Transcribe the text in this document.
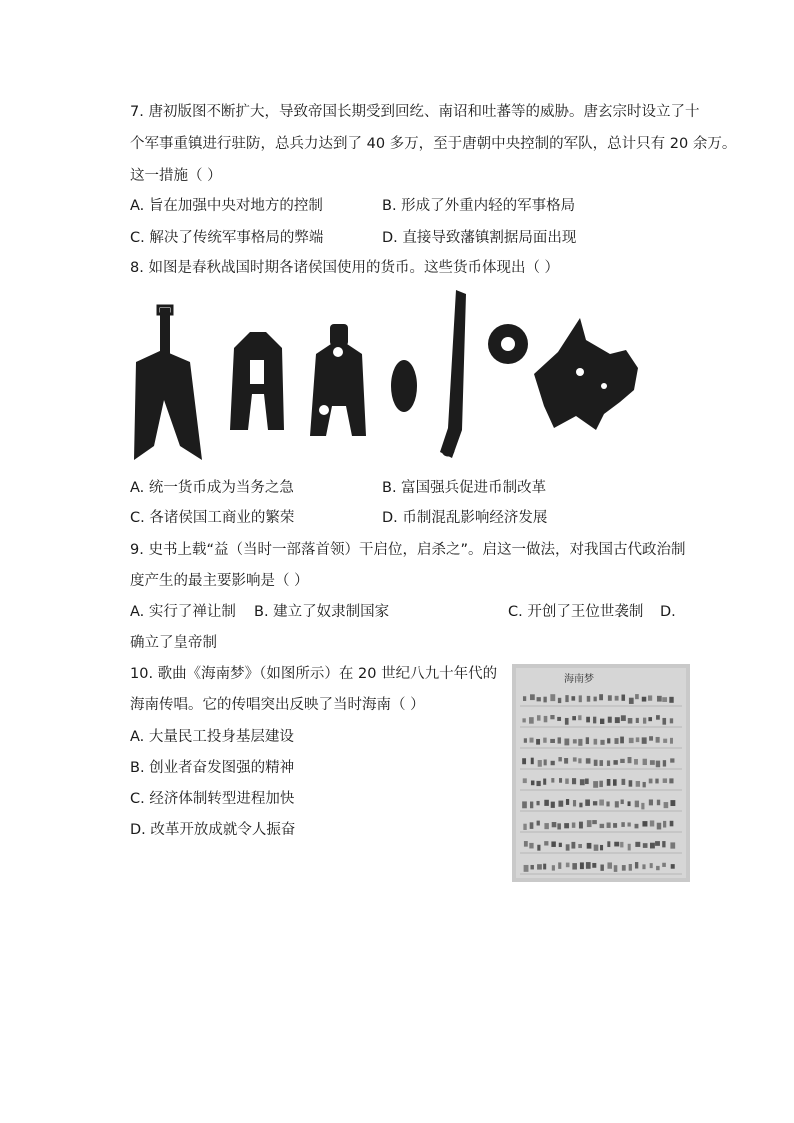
7. 唐初版图不断扩大，导致帝国长期受到回纥、南诏和吐蕃等的威胁。唐玄宗时设立了十
个军事重镇进行驻防，总兵力达到了 40 多万，至于唐朝中央控制的军队，总计只有 20 余万。
这一措施（ ）
A. 旨在加强中央对地方的控制	B. 形成了外重内轻的军事格局
C. 解决了传统军事格局的弊端	D. 直接导致藩镇割据局面出现
8. 如图是春秋战国时期各诸侯国使用的货币。这些货币体现出（ ）
A. 统一货币成为当务之急	B. 富国强兵促进币制改革
C. 各诸侯国工商业的繁荣	D. 币制混乱影响经济发展
9. 史书上载“益（当时一部落首领）干启位，启杀之”。启这一做法，对我国古代政治制
度产生的最主要影响是（ ）
A. 实行了禅让制 B. 建立了奴隶制国家	C. 开创了王位世袭制 D.
确立了皇帝制
10. 歌曲《海南梦》（如图所示）在 20 世纪八九十年代的
海南传唱。它的传唱突出反映了当时海南（ ）
A. 大量民工投身基层建设
B. 创业者奋发图强的精神
C. 经济体制转型进程加快
D. 改革开放成就令人振奋
海南梦
